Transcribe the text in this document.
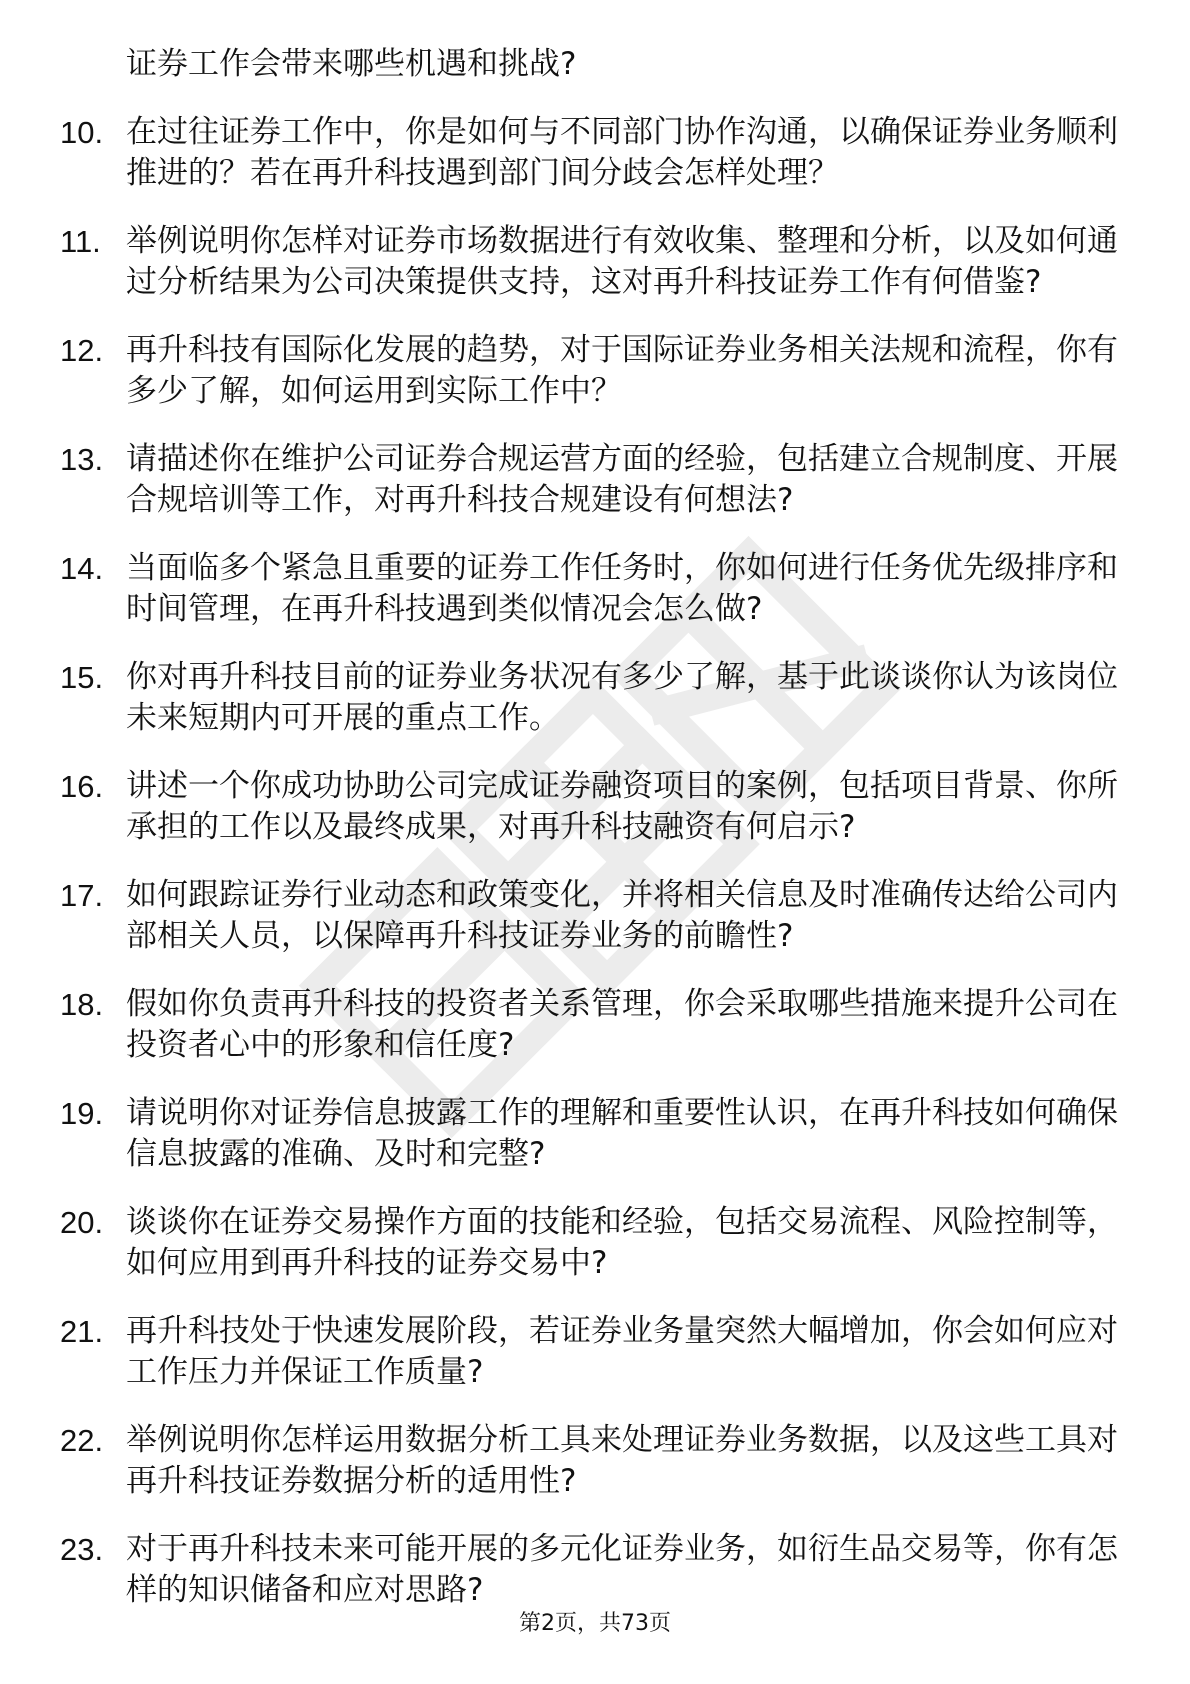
证券工作会带来哪些机遇和挑战?
10. 在过往证券工作中，你是如何与不同部门协作沟通，以确保证券业务顺利推进的？若在再升科技遇到部门间分歧会怎样处理？
11. 举例说明你怎样对证券市场数据进行有效收集、整理和分析，以及如何通过分析结果为公司决策提供支持，这对再升科技证券工作有何借鉴?
12. 再升科技有国际化发展的趋势，对于国际证券业务相关法规和流程，你有多少了解，如何运用到实际工作中？
13. 请描述你在维护公司证券合规运营方面的经验，包括建立合规制度、开展合规培训等工作，对再升科技合规建设有何想法?
14. 当面临多个紧急且重要的证券工作任务时，你如何进行任务优先级排序和时间管理，在再升科技遇到类似情况会怎么做?
15. 你对再升科技目前的证券业务状况有多少了解，基于此谈谈你认为该岗位未来短期内可开展的重点工作。
16. 讲述一个你成功协助公司完成证券融资项目的案例，包括项目背景、你所承担的工作以及最终成果，对再升科技融资有何启示?
17. 如何跟踪证券行业动态和政策变化，并将相关信息及时准确传达给公司内部相关人员，以保障再升科技证券业务的前瞻性?
18. 假如你负责再升科技的投资者关系管理，你会采取哪些措施来提升公司在投资者心中的形象和信任度?
19. 请说明你对证券信息披露工作的理解和重要性认识，在再升科技如何确保信息披露的准确、及时和完整?
20. 谈谈你在证券交易操作方面的技能和经验，包括交易流程、风险控制等，如何应用到再升科技的证券交易中?
21. 再升科技处于快速发展阶段，若证券业务量突然大幅增加，你会如何应对工作压力并保证工作质量?
22. 举例说明你怎样运用数据分析工具来处理证券业务数据，以及这些工具对再升科技证券数据分析的适用性?
23. 对于再升科技未来可能开展的多元化证券业务，如衍生品交易等，你有怎样的知识储备和应对思路?
第2页，共73页
